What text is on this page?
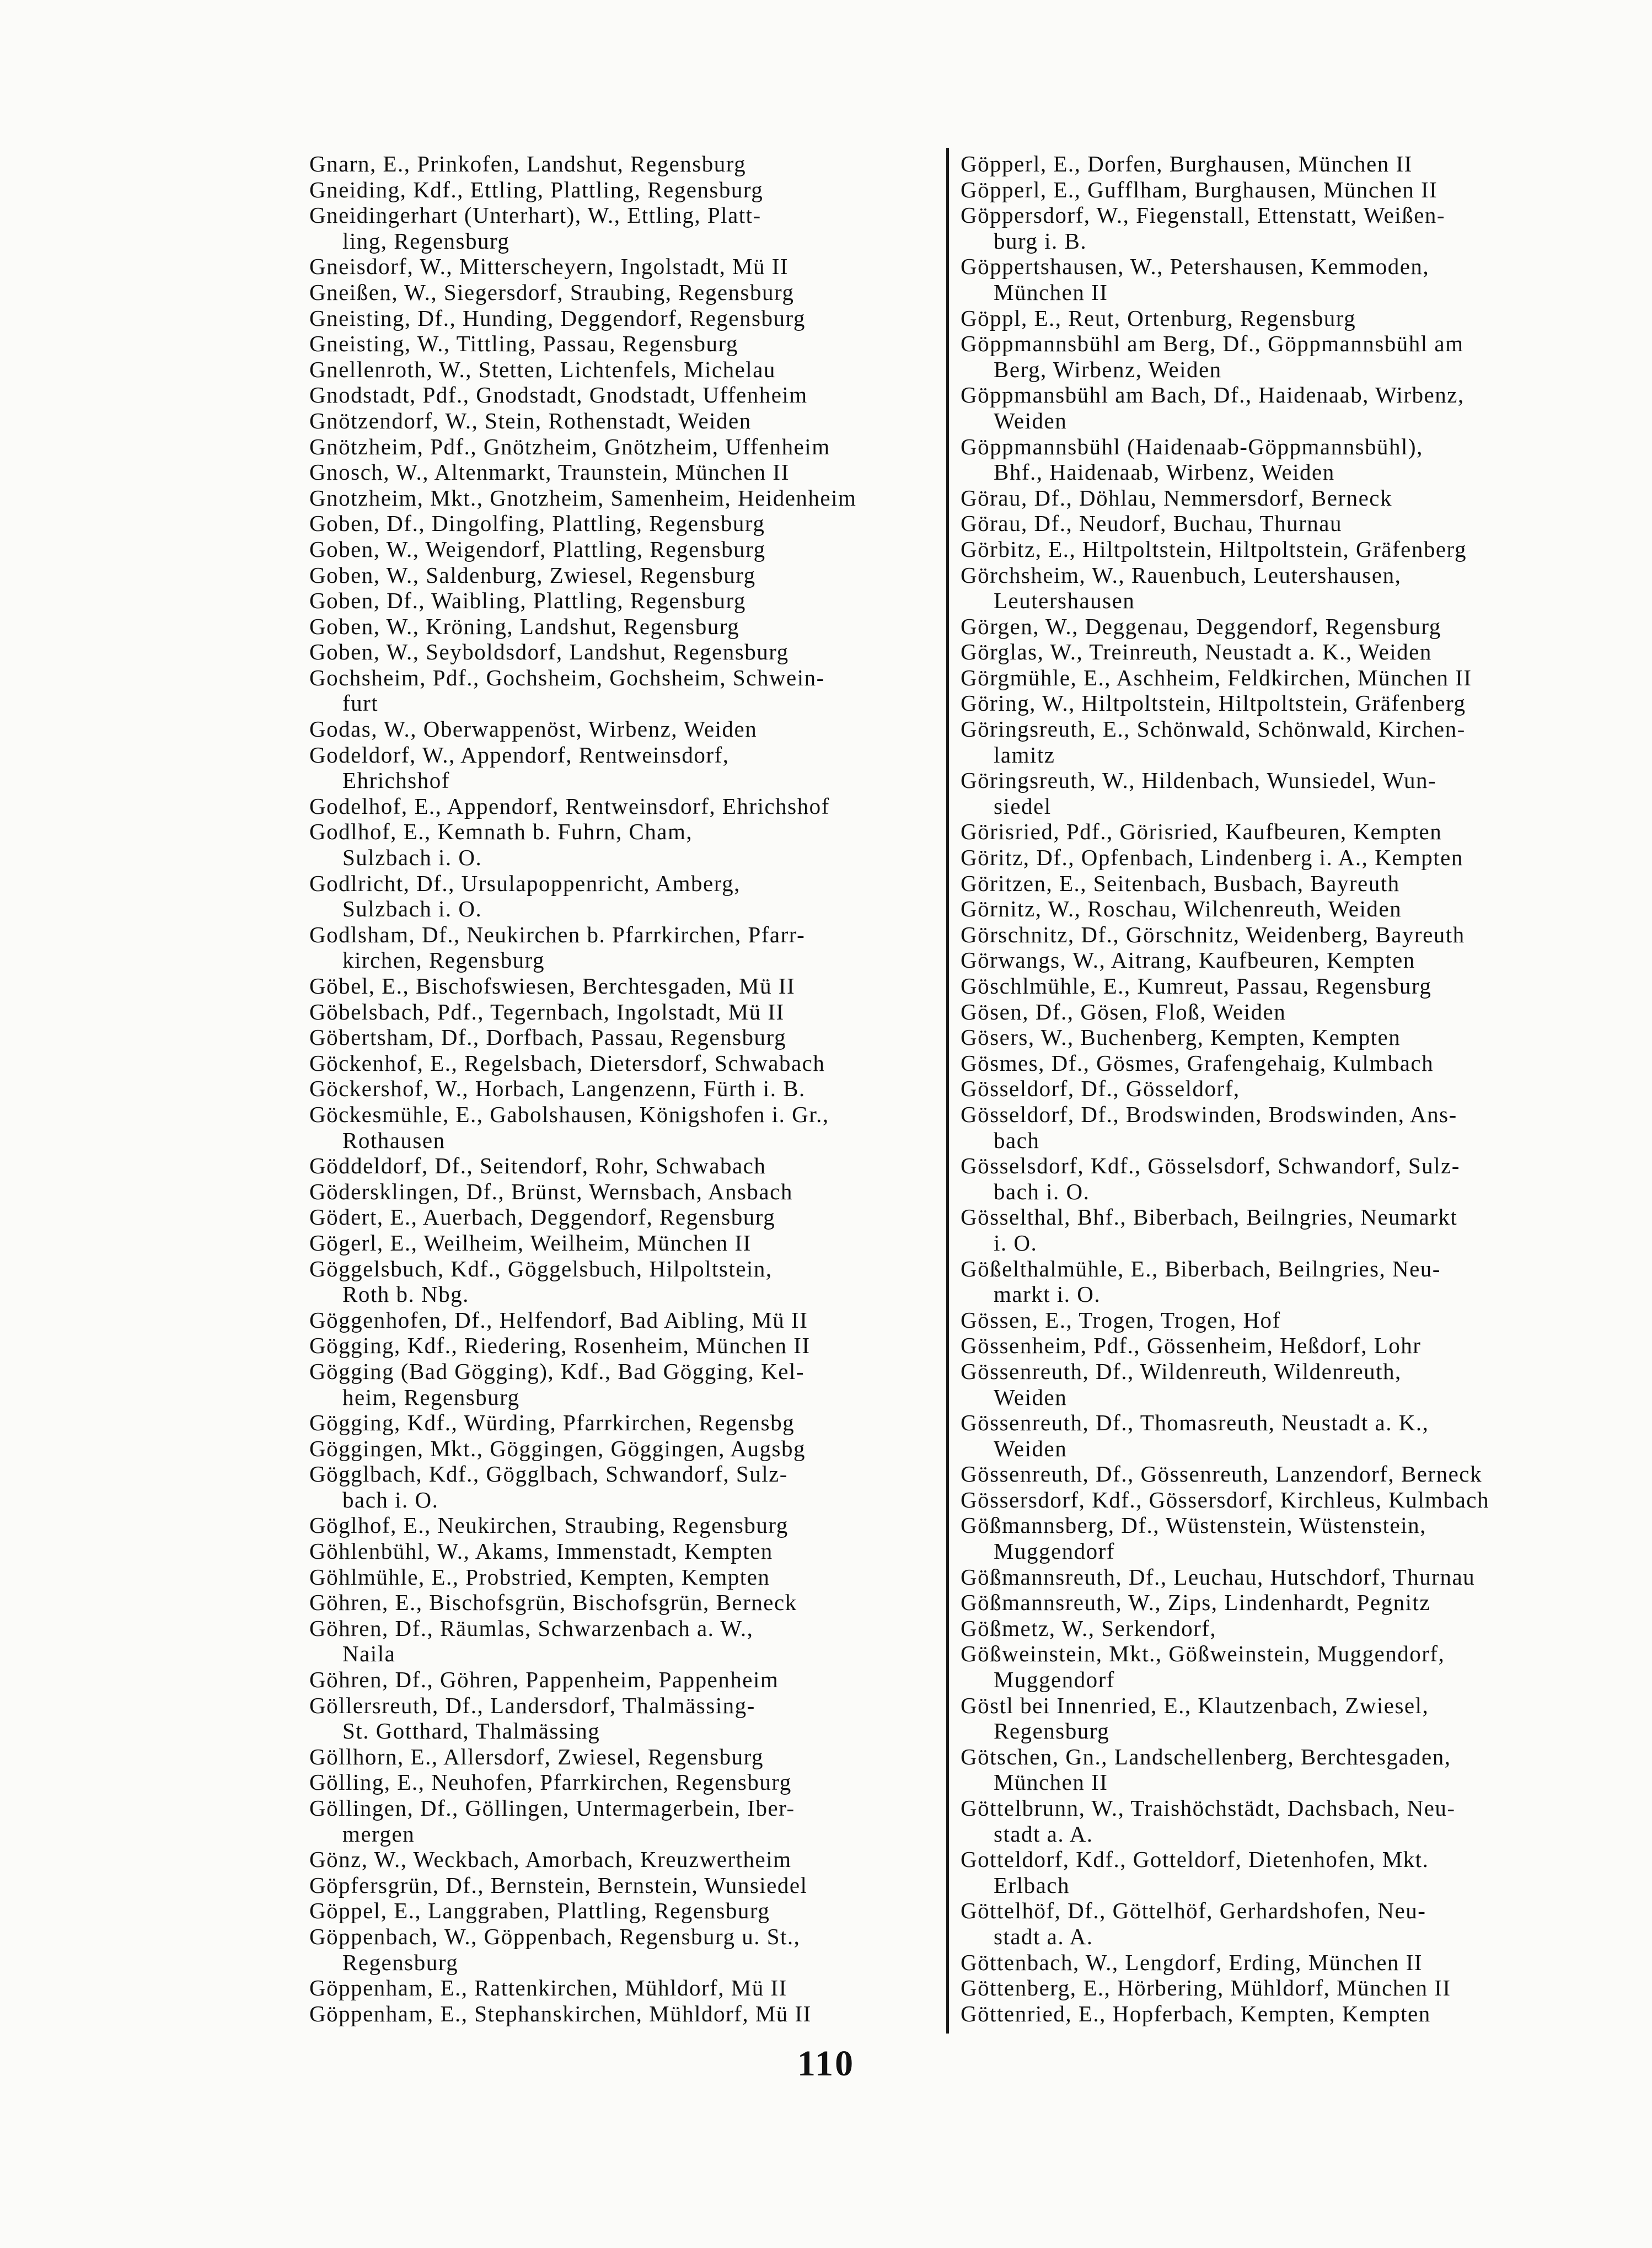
Gnarn, E., Prinkofen, Landshut, Regensburg
Gneiding, Kdf., Ettling, Plattling, Regensburg
Gneidingerhart (Unterhart), W., Ettling, Platt-
ling, Regensburg
Gneisdorf, W., Mitterscheyern, Ingolstadt, Mü II
Gneißen, W., Siegersdorf, Straubing, Regensburg
Gneisting, Df., Hunding, Deggendorf, Regensburg
Gneisting, W., Tittling, Passau, Regensburg
Gnellenroth, W., Stetten, Lichtenfels, Michelau
Gnodstadt, Pdf., Gnodstadt, Gnodstadt, Uffenheim
Gnötzendorf, W., Stein, Rothenstadt, Weiden
Gnötzheim, Pdf., Gnötzheim, Gnötzheim, Uffenheim
Gnosch, W., Altenmarkt, Traunstein, München II
Gnotzheim, Mkt., Gnotzheim, Samenheim, Heidenheim
Goben, Df., Dingolfing, Plattling, Regensburg
Goben, W., Weigendorf, Plattling, Regensburg
Goben, W., Saldenburg, Zwiesel, Regensburg
Goben, Df., Waibling, Plattling, Regensburg
Goben, W., Kröning, Landshut, Regensburg
Goben, W., Seyboldsdorf, Landshut, Regensburg
Gochsheim, Pdf., Gochsheim, Gochsheim, Schwein-
furt
Godas, W., Oberwappenöst, Wirbenz, Weiden
Godeldorf, W., Appendorf, Rentweinsdorf,
Ehrichshof
Godelhof, E., Appendorf, Rentweinsdorf, Ehrichshof
Godlhof, E., Kemnath b. Fuhrn, Cham,
Sulzbach i. O.
Godlricht, Df., Ursulapoppenricht, Amberg,
Sulzbach i. O.
Godlsham, Df., Neukirchen b. Pfarrkirchen, Pfarr-
kirchen, Regensburg
Göbel, E., Bischofswiesen, Berchtesgaden, Mü II
Göbelsbach, Pdf., Tegernbach, Ingolstadt, Mü II
Göbertsham, Df., Dorfbach, Passau, Regensburg
Göckenhof, E., Regelsbach, Dietersdorf, Schwabach
Göckershof, W., Horbach, Langenzenn, Fürth i. B.
Göckesmühle, E., Gabolshausen, Königshofen i. Gr.,
Rothausen
Göddeldorf, Df., Seitendorf, Rohr, Schwabach
Gödersklingen, Df., Brünst, Wernsbach, Ansbach
Gödert, E., Auerbach, Deggendorf, Regensburg
Gögerl, E., Weilheim, Weilheim, München II
Göggelsbuch, Kdf., Göggelsbuch, Hilpoltstein,
Roth b. Nbg.
Göggenhofen, Df., Helfendorf, Bad Aibling, Mü II
Gögging, Kdf., Riedering, Rosenheim, München II
Gögging (Bad Gögging), Kdf., Bad Gögging, Kel-
heim, Regensburg
Gögging, Kdf., Würding, Pfarrkirchen, Regensbg
Göggingen, Mkt., Göggingen, Göggingen, Augsbg
Gögglbach, Kdf., Gögglbach, Schwandorf, Sulz-
bach i. O.
Göglhof, E., Neukirchen, Straubing, Regensburg
Göhlenbühl, W., Akams, Immenstadt, Kempten
Göhlmühle, E., Probstried, Kempten, Kempten
Göhren, E., Bischofsgrün, Bischofsgrün, Berneck
Göhren, Df., Räumlas, Schwarzenbach a. W.,
Naila
Göhren, Df., Göhren, Pappenheim, Pappenheim
Göllersreuth, Df., Landersdorf, Thalmässing-
St. Gotthard, Thalmässing
Göllhorn, E., Allersdorf, Zwiesel, Regensburg
Gölling, E., Neuhofen, Pfarrkirchen, Regensburg
Göllingen, Df., Göllingen, Untermagerbein, Iber-
mergen
Gönz, W., Weckbach, Amorbach, Kreuzwertheim
Göpfersgrün, Df., Bernstein, Bernstein, Wunsiedel
Göppel, E., Langgraben, Plattling, Regensburg
Göppenbach, W., Göppenbach, Regensburg u. St.,
Regensburg
Göppenham, E., Rattenkirchen, Mühldorf, Mü II
Göppenham, E., Stephanskirchen, Mühldorf, Mü II
Göpperl, E., Dorfen, Burghausen, München II
Göpperl, E., Gufflham, Burghausen, München II
Göppersdorf, W., Fiegenstall, Ettenstatt, Weißen-
burg i. B.
Göppertshausen, W., Petershausen, Kemmoden,
München II
Göppl, E., Reut, Ortenburg, Regensburg
Göppmannsbühl am Berg, Df., Göppmannsbühl am
Berg, Wirbenz, Weiden
Göppmansbühl am Bach, Df., Haidenaab, Wirbenz,
Weiden
Göppmannsbühl (Haidenaab-Göppmannsbühl),
Bhf., Haidenaab, Wirbenz, Weiden
Görau, Df., Döhlau, Nemmersdorf, Berneck
Görau, Df., Neudorf, Buchau, Thurnau
Görbitz, E., Hiltpoltstein, Hiltpoltstein, Gräfenberg
Görchsheim, W., Rauenbuch, Leutershausen,
Leutershausen
Görgen, W., Deggenau, Deggendorf, Regensburg
Görglas, W., Treinreuth, Neustadt a. K., Weiden
Görgmühle, E., Aschheim, Feldkirchen, München II
Göring, W., Hiltpoltstein, Hiltpoltstein, Gräfenberg
Göringsreuth, E., Schönwald, Schönwald, Kirchen-
lamitz
Göringsreuth, W., Hildenbach, Wunsiedel, Wun-
siedel
Görisried, Pdf., Görisried, Kaufbeuren, Kempten
Göritz, Df., Opfenbach, Lindenberg i. A., Kempten
Göritzen, E., Seitenbach, Busbach, Bayreuth
Görnitz, W., Roschau, Wilchenreuth, Weiden
Görschnitz, Df., Görschnitz, Weidenberg, Bayreuth
Görwangs, W., Aitrang, Kaufbeuren, Kempten
Göschlmühle, E., Kumreut, Passau, Regensburg
Gösen, Df., Gösen, Floß, Weiden
Gösers, W., Buchenberg, Kempten, Kempten
Gösmes, Df., Gösmes, Grafengehaig, Kulmbach
Gösseldorf, Df., Gösseldorf,
Gösseldorf, Df., Brodswinden, Brodswinden, Ans-
bach
Gösselsdorf, Kdf., Gösselsdorf, Schwandorf, Sulz-
bach i. O.
Gösselthal, Bhf., Biberbach, Beilngries, Neumarkt
i. O.
Gößelthalmühle, E., Biberbach, Beilngries, Neu-
markt i. O.
Gössen, E., Trogen, Trogen, Hof
Gössenheim, Pdf., Gössenheim, Heßdorf, Lohr
Gössenreuth, Df., Wildenreuth, Wildenreuth,
Weiden
Gössenreuth, Df., Thomasreuth, Neustadt a. K.,
Weiden
Gössenreuth, Df., Gössenreuth, Lanzendorf, Berneck
Gössersdorf, Kdf., Gössersdorf, Kirchleus, Kulmbach
Gößmannsberg, Df., Wüstenstein, Wüstenstein,
Muggendorf
Gößmannsreuth, Df., Leuchau, Hutschdorf, Thurnau
Gößmannsreuth, W., Zips, Lindenhardt, Pegnitz
Gößmetz, W., Serkendorf,
Gößweinstein, Mkt., Gößweinstein, Muggendorf,
Muggendorf
Göstl bei Innenried, E., Klautzenbach, Zwiesel,
Regensburg
Götschen, Gn., Landschellenberg, Berchtesgaden,
München II
Göttelbrunn, W., Traishöchstädt, Dachsbach, Neu-
stadt a. A.
Gotteldorf, Kdf., Gotteldorf, Dietenhofen, Mkt.
Erlbach
Göttelhöf, Df., Göttelhöf, Gerhardshofen, Neu-
stadt a. A.
Göttenbach, W., Lengdorf, Erding, München II
Göttenberg, E., Hörbering, Mühldorf, München II
Göttenried, E., Hopferbach, Kempten, Kempten
110
